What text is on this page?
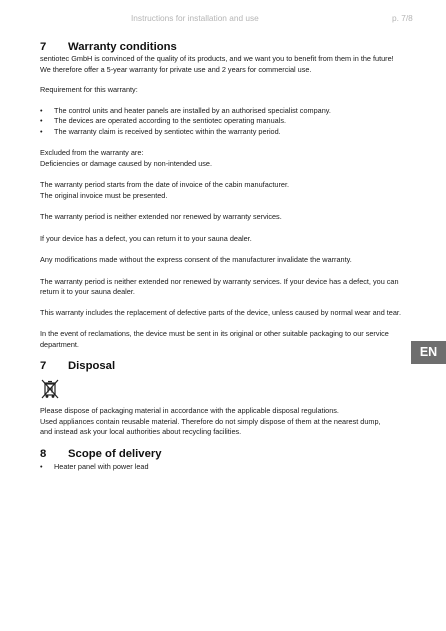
Instructions for installation and use	p. 7/8
EN
7	Warranty conditions

sentiotec GmbH is convinced of the quality of its products, and we want you to benefit from them in the future!
We therefore offer a 5-year warranty for private use and 2 years for commercial use.

Requirement for this warranty:

• The control units and heater panels are installed by an authorised specialist company.
• The devices are operated according to the sentiotec operating manuals.
• The warranty claim is received by sentiotec within the warranty period.

Excluded from the warranty are:
Deficiencies or damage caused by non-intended use.

The warranty period starts from the date of invoice of the cabin manufacturer.
The original invoice must be presented.

The warranty period is neither extended nor renewed by warranty services.

If your device has a defect, you can return it to your sauna dealer.

Any modifications made without the express consent of the manufacturer invalidate the warranty.

The warranty period is neither extended nor renewed by warranty services. If your device has a defect, you can
return it to your sauna dealer.

This warranty includes the replacement of defective parts of the device, unless caused by normal wear and tear.

In the event of reclamations, the device must be sent in its original or other suitable packaging to our service department.

7	Disposal

Please dispose of packaging material in accordance with the applicable disposal regulations.
Used appliances contain reusable material. Therefore do not simply dispose of them at the nearest dump,
and instead ask your local authorities about recycling facilities.

8	Scope of delivery
• Heater panel with power lead
